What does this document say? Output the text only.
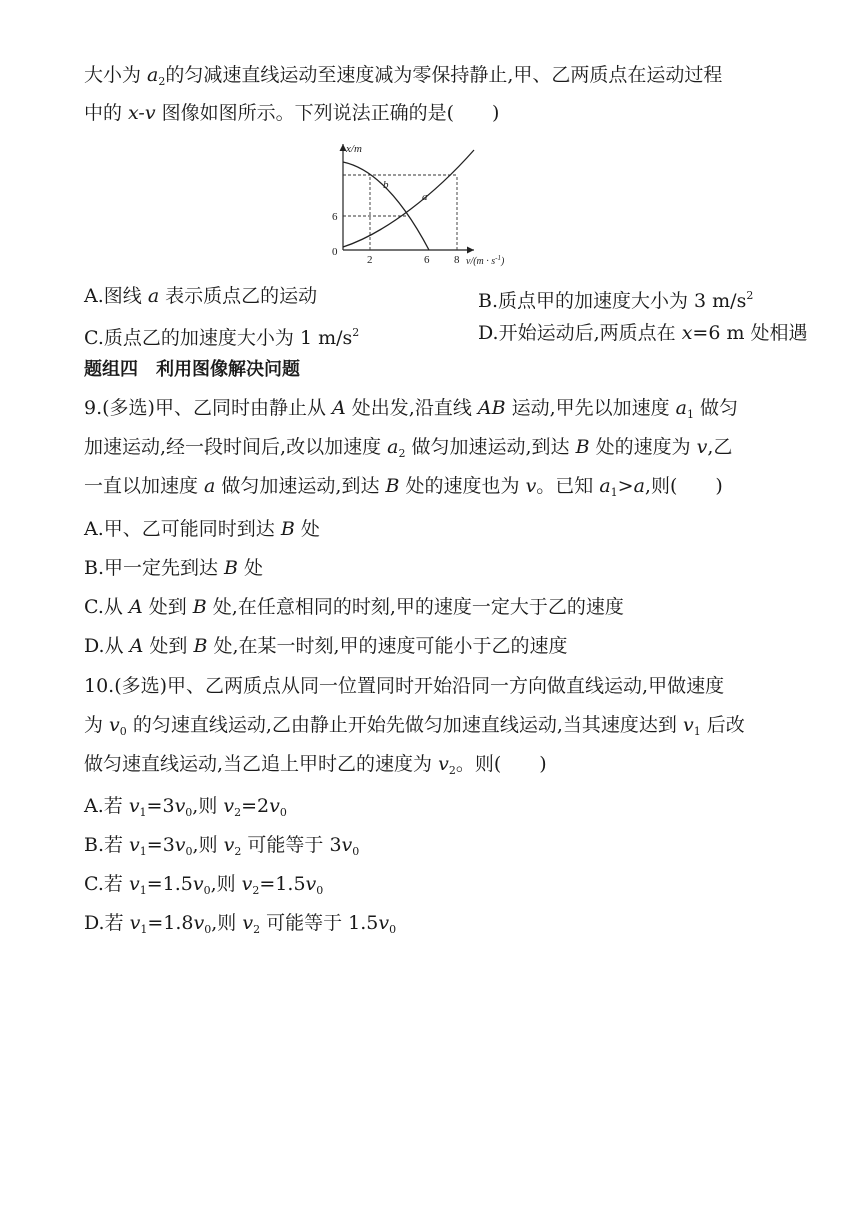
大小为 $a_2$的匀减速直线运动至速度减为零保持静止,甲、乙两质点在运动过程
中的 x-v 图像如图所示。下列说法正确的是(　　)
x/m
0
6
2	6 8 $v/(m \cdot s^{-1})$
b
a
A.图线 a 表示质点乙的运动	B.质点甲的加速度大小为 3 $m/s^2$
C.质点乙的加速度大小为 1 $m/s^2$	D.开始运动后,两质点在 x=6 m 处相遇
题组四　利用图像解决问题
9.(多选)甲、乙同时由静止从 A 处出发,沿直线 AB 运动,甲先以加速度 $a_1$ 做匀
加速运动,经一段时间后,改以加速度 $a_2$ 做匀加速运动,到达 B 处的速度为 v,乙
一直以加速度 a 做匀加速运动,到达 B 处的速度也为 v。已知 $a_1>a$,则(　　)
A.甲、乙可能同时到达 B 处
B.甲一定先到达 B 处
C.从 A 处到 B 处,在任意相同的时刻,甲的速度一定大于乙的速度
D.从 A 处到 B 处,在某一时刻,甲的速度可能小于乙的速度
10.(多选)甲、乙两质点从同一位置同时开始沿同一方向做直线运动,甲做速度
为 $v_0$ 的匀速直线运动,乙由静止开始先做匀加速直线运动,当其速度达到 $v_1$ 后改
做匀速直线运动,当乙追上甲时乙的速度为 $v_2$。则(　　)
A.若 $v_1=3v_0$,则 $v_2=2v_0$
B.若 $v_1=3v_0$,则 $v_2$ 可能等于 $3v_0$
C.若 $v_1=1.5v_0$,则 $v_2=1.5v_0$
D.若 $v_1=1.8v_0$,则 $v_2$ 可能等于 $1.5v_0$
